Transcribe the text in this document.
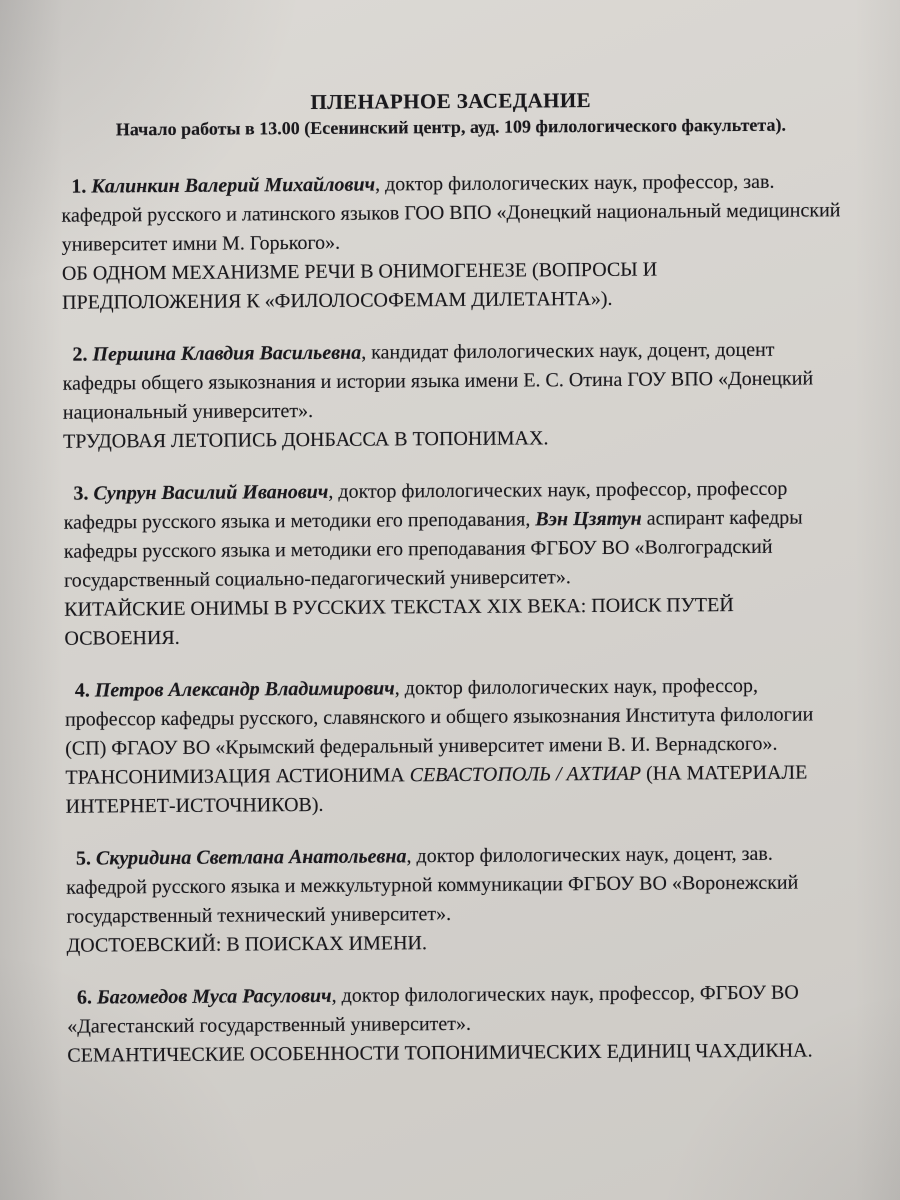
ПЛЕНАРНОЕ ЗАСЕДАНИЕ

Начало работы в 13.00 (Есенинский центр, ауд. 109 филологического факультета).

1. Калинкин Валерий Михайлович, доктор филологических наук, профессор, зав. кафедрой русского и латинского языков ГОО ВПО «Донецкий национальный медицинский университет имни М. Горького».

ОБ ОДНОМ МЕХАНИЗМЕ РЕЧИ В ОНИМОГЕНЕЗЕ (ВОПРОСЫ И ПРЕДПОЛОЖЕНИЯ К «ФИЛОЛОСОФЕМАМ ДИЛЕТАНТА»).

2. Першина Клавдия Васильевна, кандидат филологических наук, доцент, доцент кафедры общего языкознания и истории языка имени Е. С. Отина ГОУ ВПО «Донецкий национальный университет».

ТРУДОВАЯ ЛЕТОПИСЬ ДОНБАССА В ТОПОНИМАХ.

3. Супрун Василий Иванович, доктор филологических наук, профессор, профессор кафедры русского языка и методики его преподавания, Вэн Цзятун аспирант кафедры кафедры русского языка и методики его преподавания ФГБОУ ВО «Волгоградский государственный социально-педагогический университет».

КИТАЙСКИЕ ОНИМЫ В РУССКИХ ТЕКСТАХ XIX ВЕКА: ПОИСК ПУТЕЙ ОСВОЕНИЯ.

4. Петров Александр Владимирович, доктор филологических наук, профессор, профессор кафедры русского, славянского и общего языкознания Института филологии (СП) ФГАОУ ВО «Крымский федеральный университет имени В. И. Вернадского».

ТРАНСОНИМИЗАЦИЯ АСТИОНИМА СЕВАСТОПОЛЬ / АХТИАР (НА МАТЕРИАЛЕ ИНТЕРНЕТ-ИСТОЧНИКОВ).

5. Скуридина Светлана Анатольевна, доктор филологических наук, доцент, зав. кафедрой русского языка и межкультурной коммуникации ФГБОУ ВО «Воронежский государственный технический университет».

ДОСТОЕВСКИЙ: В ПОИСКАХ ИМЕНИ.

6. Багомедов Муса Расулович, доктор филологических наук, профессор, ФГБОУ ВО «Дагестанский государственный университет».

СЕМАНТИЧЕСКИЕ ОСОБЕННОСТИ ТОПОНИМИЧЕСКИХ ЕДИНИЦ ЧАХДИКНА.
